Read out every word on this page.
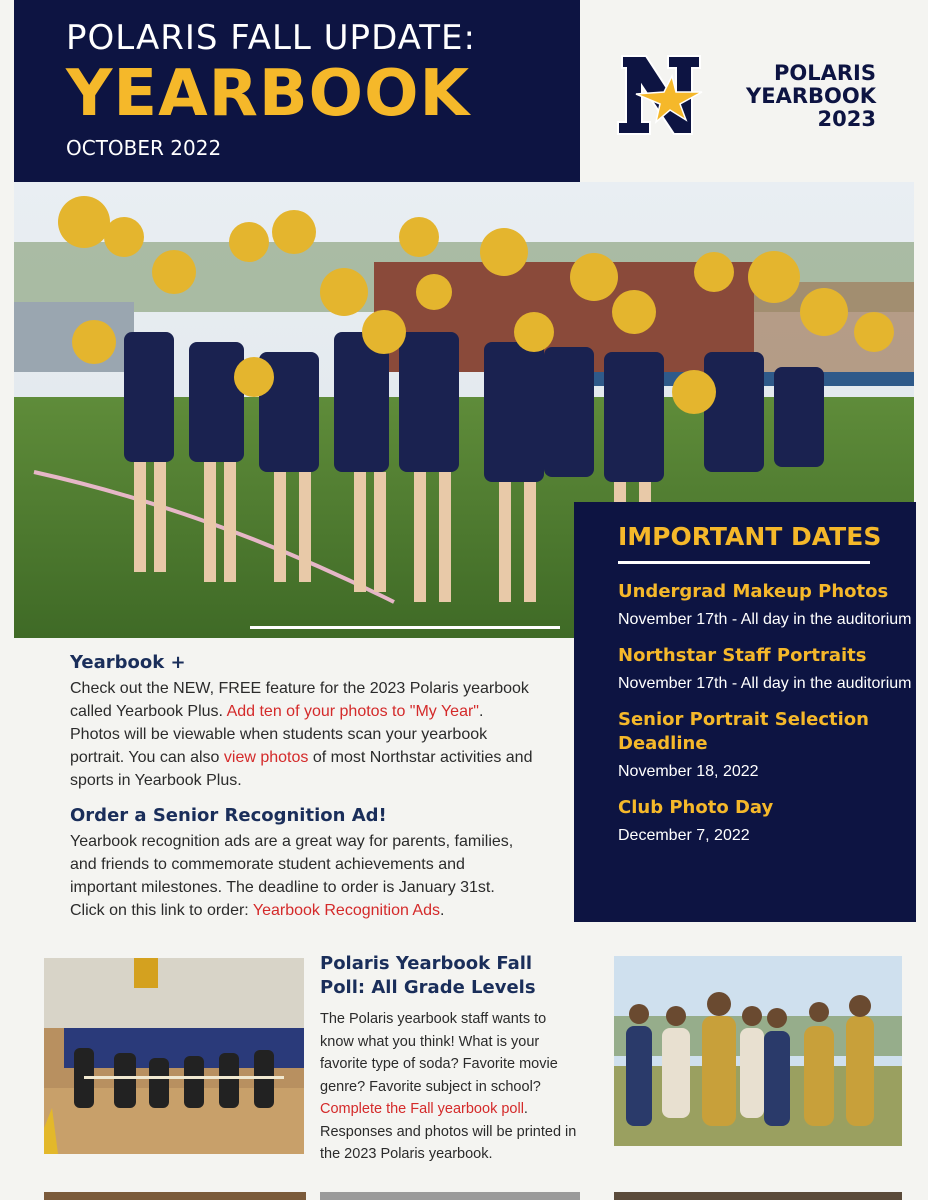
POLARIS FALL UPDATE:
YEARBOOK
OCTOBER 2022
POLARIS
YEARBOOK
2023
IMPORTANT DATES
Undergrad Makeup Photos
November 17th - All day in the auditorium
Northstar Staff Portraits
November 17th - All day in the auditorium
Senior Portrait Selection Deadline
November 18, 2022
Club Photo Day
December 7, 2022
Yearbook +
Check out the NEW, FREE feature for the 2023 Polaris yearbook called Yearbook Plus. Add ten of your photos to "My Year". Photos will be viewable when students scan your yearbook portrait. You can also view photos of most Northstar activities and sports in Yearbook Plus.
Order a Senior Recognition Ad!
Yearbook recognition ads are a great way for parents, families, and friends to commemorate student achievements and important milestones. The deadline to order is January 31st. Click on this link to order: Yearbook Recognition Ads.
Polaris Yearbook Fall Poll: All Grade Levels
The Polaris yearbook staff wants to know what you think! What is your favorite type of soda? Favorite movie genre? Favorite subject in school? Complete the Fall yearbook poll. Responses and photos will be printed in the 2023 Polaris yearbook.
